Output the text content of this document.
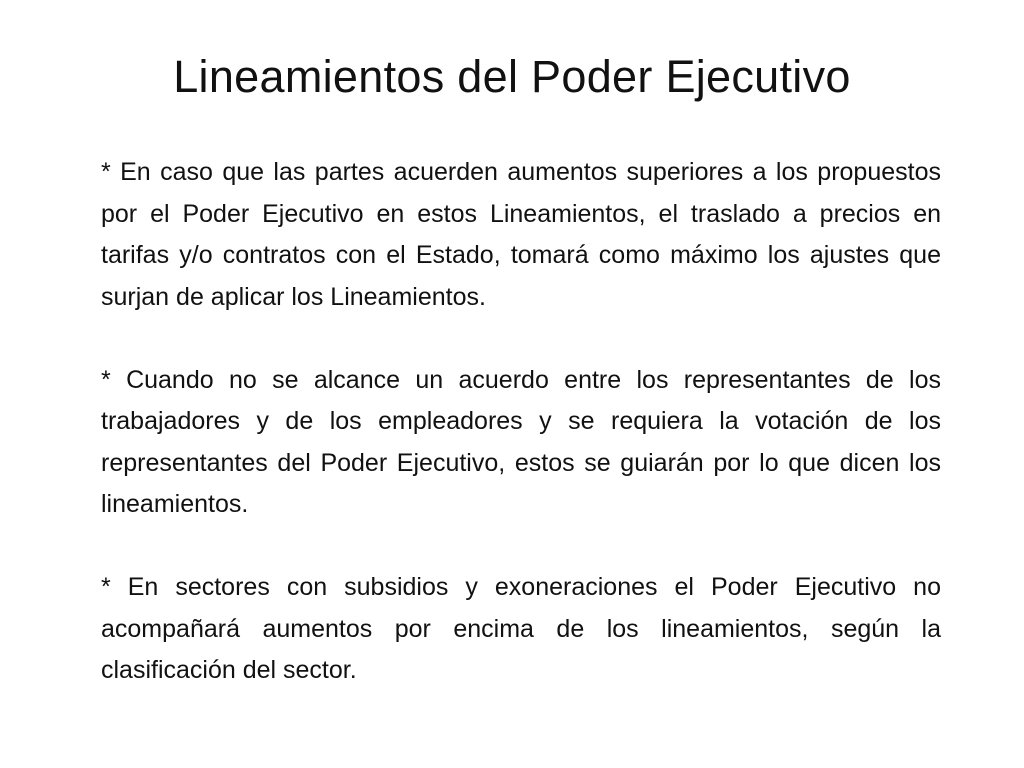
Lineamientos del Poder Ejecutivo

* En caso que las partes acuerden aumentos superiores a los propuestos por el Poder Ejecutivo en estos Lineamientos, el traslado a precios en tarifas y/o contratos con el Estado, tomará como máximo los ajustes que surjan de aplicar los Lineamientos.

* Cuando no se alcance un acuerdo entre los representantes de los trabajadores y de los empleadores y se requiera la votación de los representantes del Poder Ejecutivo, estos se guiarán por lo que dicen los lineamientos.

* En sectores con subsidios y exoneraciones el Poder Ejecutivo no acompañará aumentos por encima de los lineamientos, según la clasificación del sector.
